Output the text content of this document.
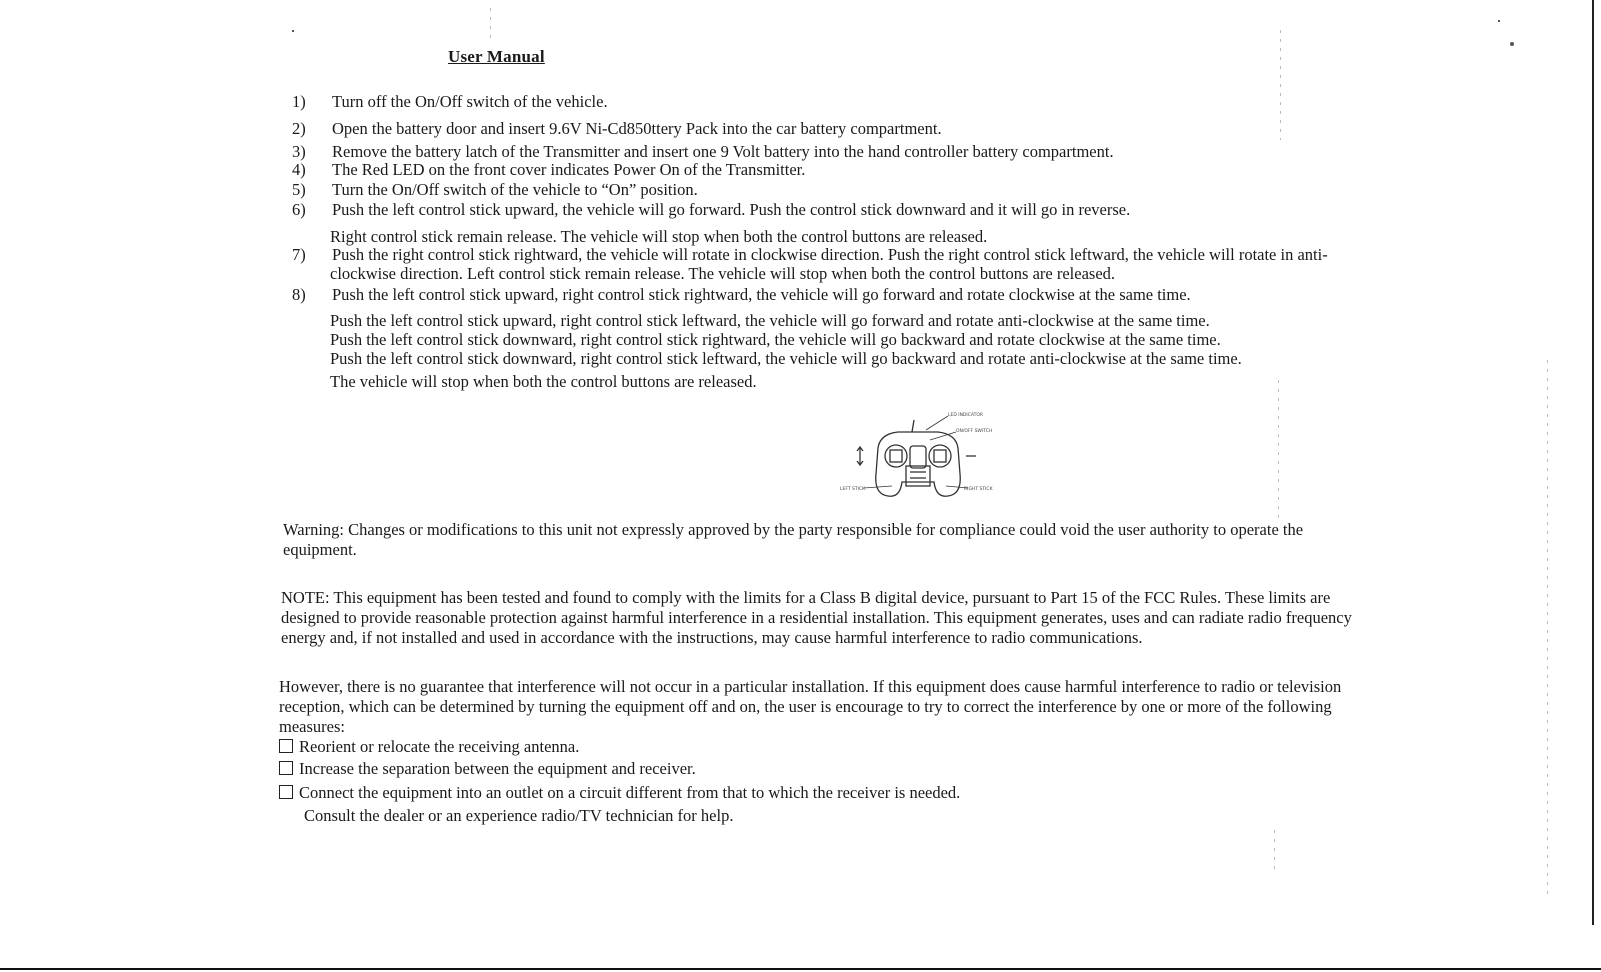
User Manual
1) Turn off the On/Off switch of the vehicle.
2) Open the battery door and insert 9.6V Ni-Cd850ttery Pack into the car battery compartment.
3) Remove the battery latch of the Transmitter and insert one 9 Volt battery into the hand controller battery compartment.
4) The Red LED on the front cover indicates Power On of the Transmitter.
5) Turn the On/Off switch of the vehicle to “On” position.
6) Push the left control stick upward, the vehicle will go forward. Push the control stick downward and it will go in reverse.
Right control stick remain release. The vehicle will stop when both the control buttons are released.
7) Push the right control stick rightward, the vehicle will rotate in clockwise direction. Push the right control stick leftward, the vehicle will rotate in anti-
clockwise direction. Left control stick remain release. The vehicle will stop when both the control buttons are released.
8) Push the left control stick upward, right control stick rightward, the vehicle will go forward and rotate clockwise at the same time.
Push the left control stick upward, right control stick leftward, the vehicle will go forward and rotate anti-clockwise at the same time.
Push the left control stick downward, right control stick rightward, the vehicle will go backward and rotate clockwise at the same time.
Push the left control stick downward, right control stick leftward, the vehicle will go backward and rotate anti-clockwise at the same time.
The vehicle will stop when both the control buttons are released.
LED INDICATOR
ON/OFF SWITCH
LEFT STICK	RIGHT STICK
Warning: Changes or modifications to this unit not expressly approved by the party responsible for compliance could void the user authority to operate the
equipment.
NOTE: This equipment has been tested and found to comply with the limits for a Class B digital device, pursuant to Part 15 of the FCC Rules. These limits are
designed to provide reasonable protection against harmful interference in a residential installation. This equipment generates, uses and can radiate radio frequency
energy and, if not installed and used in accordance with the instructions, may cause harmful interference to radio communications.
However, there is no guarantee that interference will not occur in a particular installation. If this equipment does cause harmful interference to radio or television
reception, which can be determined by turning the equipment off and on, the user is encourage to try to correct the interference by one or more of the following
measures:
Reorient or relocate the receiving antenna.
Increase the separation between the equipment and receiver.
Connect the equipment into an outlet on a circuit different from that to which the receiver is needed.
Consult the dealer or an experience radio/TV technician for help.
